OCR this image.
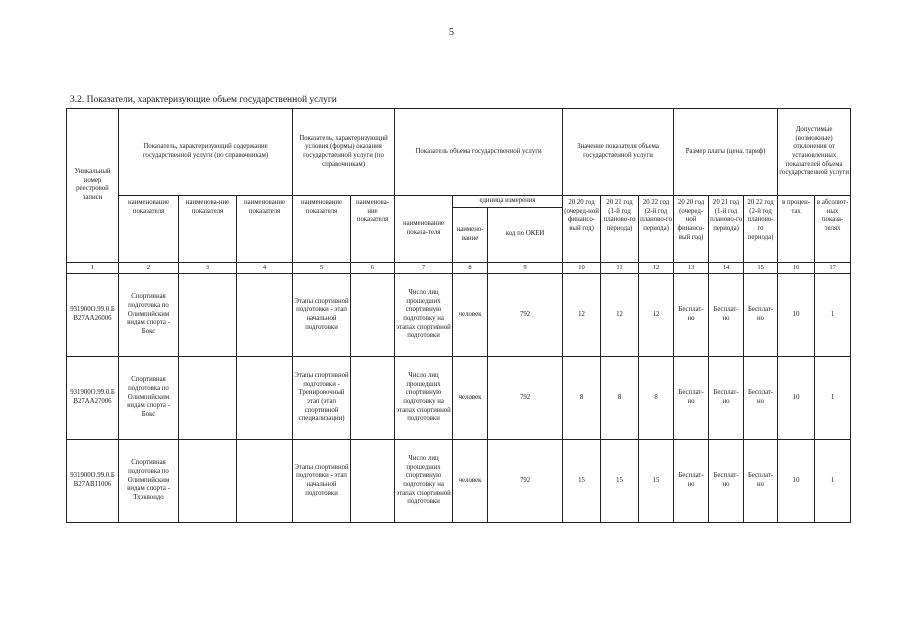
5
3.2. Показатели, характеризующие объем государственной услуги
Уникальный номер реестровой записи	Показатель, характеризующий содержание государственной услуги (по справочникам)			Показатель, характеризующий условия (формы) оказания государственной услуги (по справочникам)		Показатель объема государственной услуги			Значение показателя объема государственной услуги			Размер платы (цена, тариф)			Допустимые (возможные) отклонения от установленных показателей объема государственной услуги	
	наименование показателя	наименова-ние показателя	наименование показателя	наименование показателя	наименова-ние показателя	наименование показа-теля	единица измерения		20 20 год (очеред-ной финансо-вый год)	20 21 год (1-й год планово-го периода)	20 22 год (2-й год планово-го периода)	20 20 год (очеред-ной финансо-вый год)	20 21 год (1-й год планово-го периода)	20 22 год (2-й год планово-го периода)	в процен-тах	в абсолют-ных показа-телях
							наимено-вание	код по ОКЕИ								
1	2	3	4	5	6	7	8	9	10	11	12	13	14	15	16	17
931900О.99.0.БВ27АА26006	Спортивная подготовка по Олимпийским видам спорта - Бокс			Этапы спортивной подготовки - этап начальной подготовки		Число лиц прошедших спортивную подготовку на этапах спортивной подготовки	человек	792	12	12	12	Бесплат-но	Бесплат-но	Бесплат-но	10	1
931900О.99.0.БВ27АА27006	Спортивная подготовка по Олимпийским видам спорта - Бокс			Этапы спортивной подготовки - Тренировочный этап (этап спортивной специализации)		Число лиц прошедших спортивную подготовку на этапах спортивной подготовки	человек	792	8	8	8	Бесплат-но	Бесплат-но	Бесплат-но	10	1
931900О.99.0.БВ27АВ11006	Спортивная подготовка по Олимпийским видам спорта - Тхэквондо			Этапы спортивной подготовки - этап начальной подготовки		Число лиц прошедших спортивную подготовку на этапах спортивной подготовки	человек	792	15	15	15	Бесплат-но	Бесплат-но	Бесплат-но	10	1
